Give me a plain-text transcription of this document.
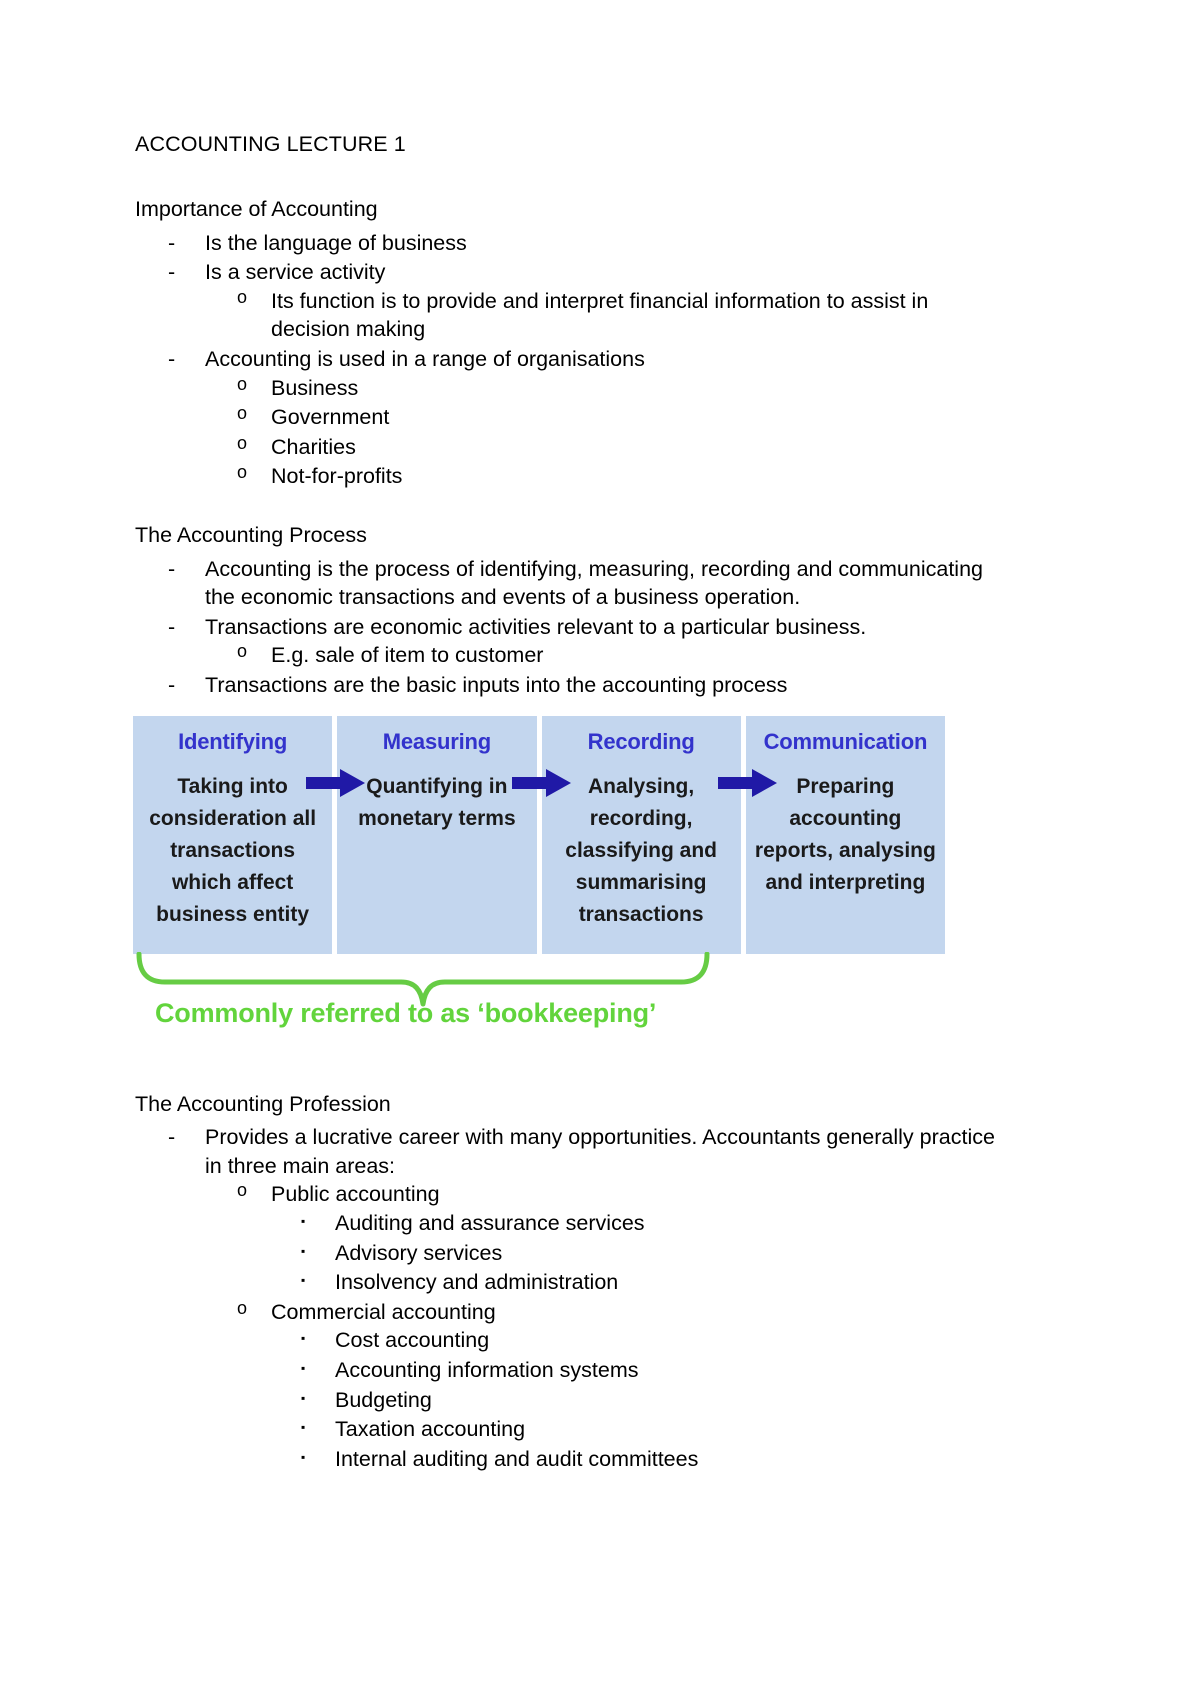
ACCOUNTING LECTURE 1
Importance of Accounting
- Is the language of business
- Is a service activity
o Its function is to provide and interpret financial information to assist in decision making
- Accounting is used in a range of organisations
o Business
o Government
o Charities
o Not-for-profits
The Accounting Process
- Accounting is the process of identifying, measuring, recording and communicating the economic transactions and events of a business operation.
- Transactions are economic activities relevant to a particular business.
o E.g. sale of item to customer
- Transactions are the basic inputs into the accounting process
Identifying
Taking into consideration all transactions which affect business entity
Measuring
Quantifying in monetary terms
Recording
Analysing, recording, classifying and summarising transactions
Communication
Preparing accounting reports, analysing and interpreting
Commonly referred to as ‘bookkeeping’
The Accounting Profession
- Provides a lucrative career with many opportunities. Accountants generally practice in three main areas:
o Public accounting
▪ Auditing and assurance services
▪ Advisory services
▪ Insolvency and administration
o Commercial accounting
▪ Cost accounting
▪ Accounting information systems
▪ Budgeting
▪ Taxation accounting
▪ Internal auditing and audit committees
